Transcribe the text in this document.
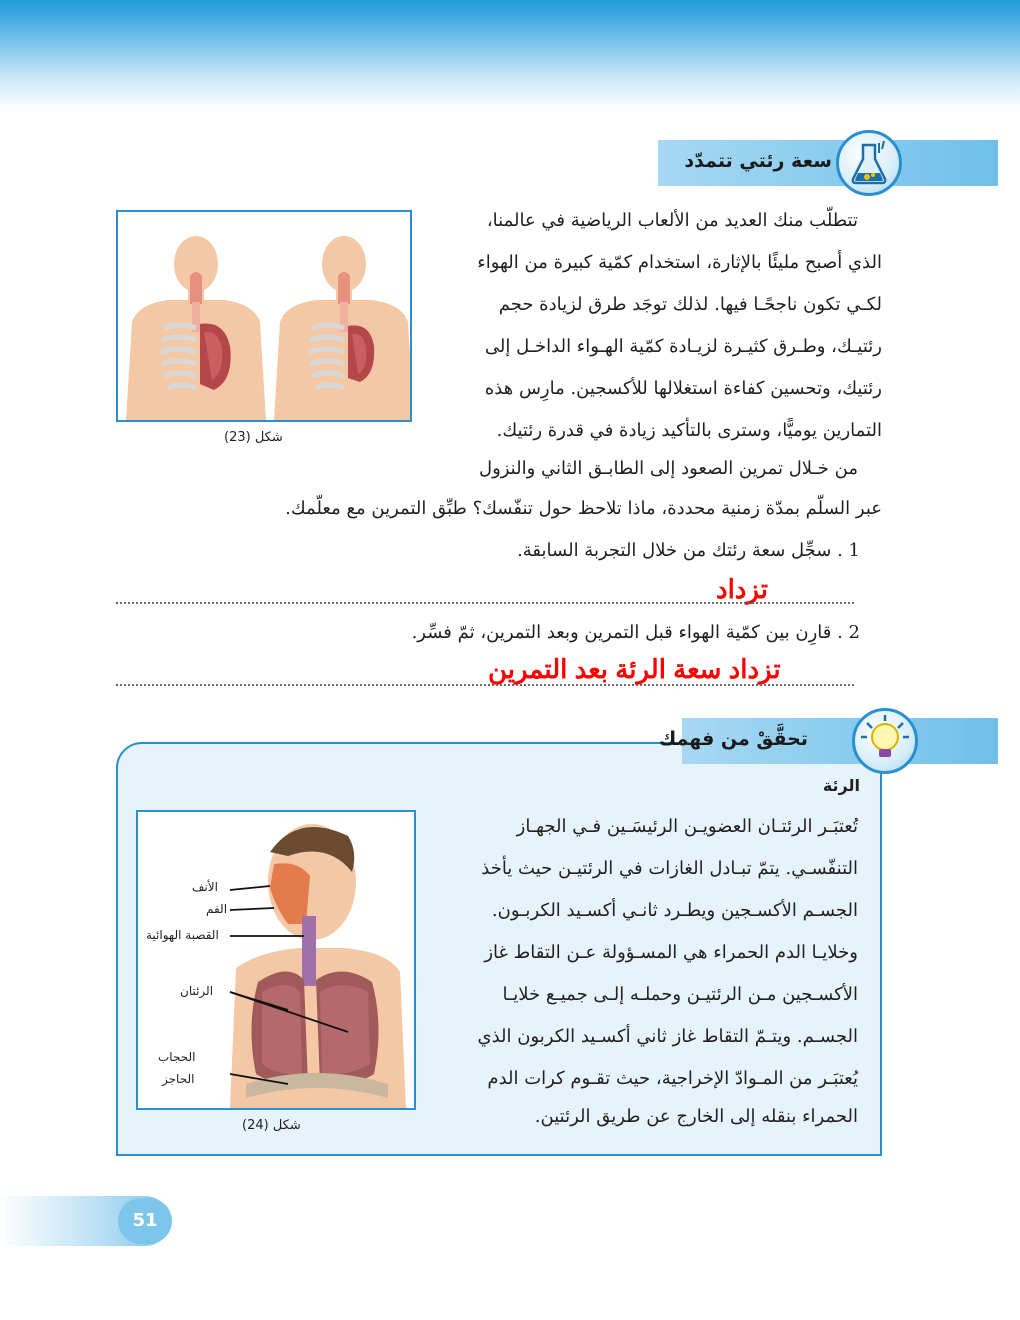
سعة رئتي تتمدّد
شكل (23)
تتطلّب منك العديد من الألعاب الرياضية في عالمنا،
الذي أصبح مليئًا بالإثارة، استخدام كمّية كبيرة من الهواء
لكـي تكون ناجحًـا فيها. لذلك توجَد طرق لزيادة حجم
رئتيـك، وطـرق كثيـرة لزيـادة كمّية الهـواء الداخـل إلى
رئتيك، وتحسين كفاءة استغلالها للأكسجين. مارِس هذه
التمارين يوميًّا، وسترى بالتأكيد زيادة في قدرة رئتيك.
من خـلال تمرين الصعود إلى الطابـق الثاني والنزول
عبر السلّم بمدّة زمنية محددة، ماذا تلاحظ حول تنفّسك؟ طبِّق التمرين مع معلّمك.
1 . سجِّل سعة رئتك من خلال التجربة السابقة.
تزداد
2 . قارِن بين كمّية الهواء قبل التمرين وبعد التمرين، ثمّ فسِّر.
تزداد سعة الرئة بعد التمرين
تحقَّقْ من فهمك
الرئة
الأنف
الفم
القصبة الهوائية
الرئتان
الحجاب
الحاجز
شكل (24)
تُعتبَـر الرئتـان العضويـن الرئيسَـين فـي الجهـاز
التنفّسـي. يتمّ تبـادل الغازات في الرئتيـن حيث يأخذ
الجسـم الأكسـجين ويطـرد ثانـي أكسـيد الكربـون.
وخلايـا الدم الحمراء هي المسـؤولة عـن التقاط غاز
الأكسـجين مـن الرئتيـن وحملـه إلـى جميـع خلايـا
الجسـم. ويتـمّ التقاط غاز ثاني أكسـيد الكربون الذي
يُعتبَـر من المـوادّ الإخراجية، حيث تقـوم كرات الدم
الحمراء بنقله إلى الخارج عن طريق الرئتين.
51
